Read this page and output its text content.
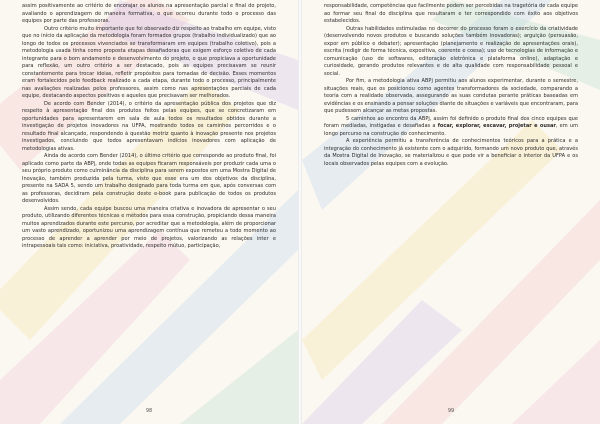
assim positivamente ao critério de encorajar os alunos na apresentação parcial e final do projeto, avaliando o aprendizagem de maneira formativa, o que ocorreu durante todo o processo das equipes por parte das professoras.

Outro critério muito importante que foi observado diz respeito ao trabalho em equipe, visto que no início da aplicação da metodologia foram formados grupos (trabalho individualizado) que ao longo de todos os processos vivenciados se transformaram em equipes (trabalho coletivo), pois a metodologia usada tinha como proposta etapas desafiadoras que exigem esforço coletivo de cada integrante para o bom andamento e desenvolvimento do projeto, o que propiciava a oportunidade para reflexão, um outro critério a ser destacado, pois as equipes precisavam se reunir constantemente para trocar ideias, refletir propósitos para tomadas de decisão. Esses momentos eram fortalecidos pelo feedback realizado a cada etapa, durante todo o processo, principalmente nas avaliações realizadas pelos professores, assim como nas apresentações parciais de cada equipe, destacando aspectos positivos e aqueles que precisavam ser melhorados.

De acordo com Bender (2014), o critério da apresentação pública dos projetos que diz respeito à apresentação final dos produtos feitos pelas equipes, que se concretizaram em oportunidades para apresentarem em sala de aula todos os resultados obtidos durante a investigação de projetos inovadores na UFPA, mostrando todos os caminhos percorridos e o resultado final alcançado, respondendo à questão motriz quanto à inovação presente nos projetos investigados, concluindo que todos apresentavam indícios inovadores com aplicação de metodologias ativas.

Ainda de acordo com Bender (2014), o último critério que corresponde ao produto final, foi aplicado como parte da ABPj, onde todas as equipes ficaram responsáveis por produzir cada uma o seu próprio produto como culminância da disciplina para serem expostos em uma Mostra Digital de Inovação, também produzida pela turma, visto que esse era um dos objetivos da disciplina, presente na SADA 5, sendo um trabalho designado para toda turma em que, após conversas com as professoras, decidiram pela construção deste e-book para publicação de todos os produtos desenvolvidos.

Assim sendo, cada equipe buscou uma maneira criativa e inovadora de apresentar o seu produto, utilizando diferentes técnicas e métodos para essa construção, propiciando dessa maneira muitos aprendizados durante este percurso, por acreditar que a metodologia, além de proporcionar um vasto aprendizado, oportunizou uma aprendizagem contínua que remeteu a todo momento ao processo de aprender a aprender por meio de projetos, valorizando as relações inter e intrapessoais tais como: iniciativa, proatividade, respeito mútuo, participação,

98

responsabilidade, competências que facilmente podem ser percebidas na tragetória de cada equipe ao formar seu final do disciplina que resultaram e ter correspondido com êxito aos objetivos estabelecidos.

Outras habilidades estimuladas no decorrer do processo foram o exercício da criatividade (desenvolvendo novos produtos e buscando soluções também inovadoras); arguição (persuasão, expor em público e debater); apresentação (planejamento e realização de apresentações orais), escrita (redigir de forma técnica, expositiva, coerente e coesa); uso de tecnologias de informação e comunicação (uso de softwares, editoração eletrônica e plataforma online), adaptação e curiosidade, gerando produtos relevantes e de alta qualidade com responsabilidade pessoal e social.

Por fim, a metodologia ativa ABPj permitiu aos alunos experimentar, durante o semestre, situações reais, que os posicionou como agentes transformadores da sociedade, comparando a teoria com a realidade observada, assegurando as suas condutas perante práticas baseadas em evidências e os ensinando a pensar soluções diante de situações e variáveis que encontraram, para que pudessem alcançar as metas propostas.

5 caminhos ao encontro da ABPj, assim foi definido o produto final dos cinco equipes que foram mediadas, instigadas e desafiadas a focar, explorar, escavar, projetar e ousar, em um longo percurso na construção do conhecimento.

A experiência permitiu a transferência de conhecimentos teóricos para a prática e a integração do conhecimento já existente com o adquirido, formando um novo produto que, através da Mostra Digital de Inovação, se materializou e que pode vir a beneficiar o interior da UFPA e os locais observados pelas equipes com a evolução.

99
